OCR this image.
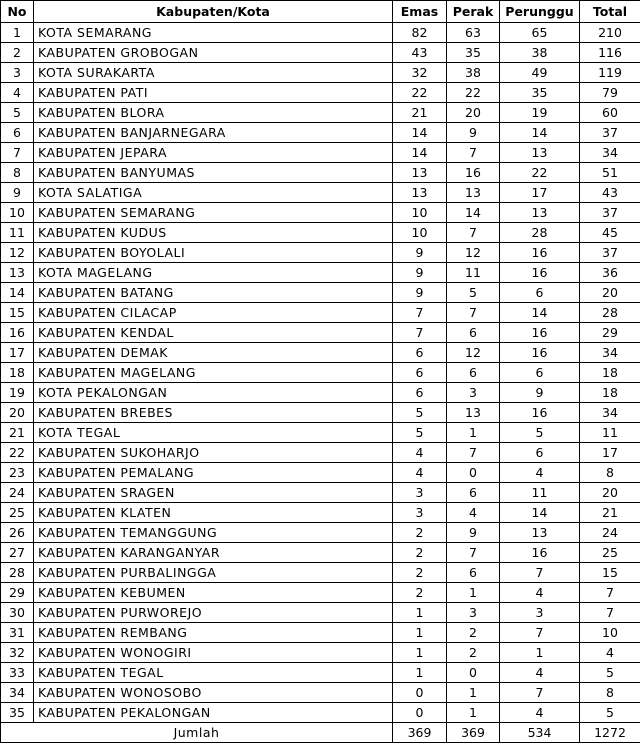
No	Kabupaten/Kota	Emas	Perak	Perunggu	Total
1	KOTA SEMARANG	82	63	65	210
2	KABUPATEN GROBOGAN	43	35	38	116
3	KOTA SURAKARTA	32	38	49	119
4	KABUPATEN PATI	22	22	35	79
5	KABUPATEN BLORA	21	20	19	60
6	KABUPATEN BANJARNEGARA	14	9	14	37
7	KABUPATEN JEPARA	14	7	13	34
8	KABUPATEN BANYUMAS	13	16	22	51
9	KOTA SALATIGA	13	13	17	43
10	KABUPATEN SEMARANG	10	14	13	37
11	KABUPATEN KUDUS	10	7	28	45
12	KABUPATEN BOYOLALI	9	12	16	37
13	KOTA MAGELANG	9	11	16	36
14	KABUPATEN BATANG	9	5	6	20
15	KABUPATEN CILACAP	7	7	14	28
16	KABUPATEN KENDAL	7	6	16	29
17	KABUPATEN DEMAK	6	12	16	34
18	KABUPATEN MAGELANG	6	6	6	18
19	KOTA PEKALONGAN	6	3	9	18
20	KABUPATEN BREBES	5	13	16	34
21	KOTA TEGAL	5	1	5	11
22	KABUPATEN SUKOHARJO	4	7	6	17
23	KABUPATEN PEMALANG	4	0	4	8
24	KABUPATEN SRAGEN	3	6	11	20
25	KABUPATEN KLATEN	3	4	14	21
26	KABUPATEN TEMANGGUNG	2	9	13	24
27	KABUPATEN KARANGANYAR	2	7	16	25
28	KABUPATEN PURBALINGGA	2	6	7	15
29	KABUPATEN KEBUMEN	2	1	4	7
30	KABUPATEN PURWOREJO	1	3	3	7
31	KABUPATEN REMBANG	1	2	7	10
32	KABUPATEN WONOGIRI	1	2	1	4
33	KABUPATEN TEGAL	1	0	4	5
34	KABUPATEN WONOSOBO	0	1	7	8
35	KABUPATEN PEKALONGAN	0	1	4	5
Jumlah		369	369	534	1272
